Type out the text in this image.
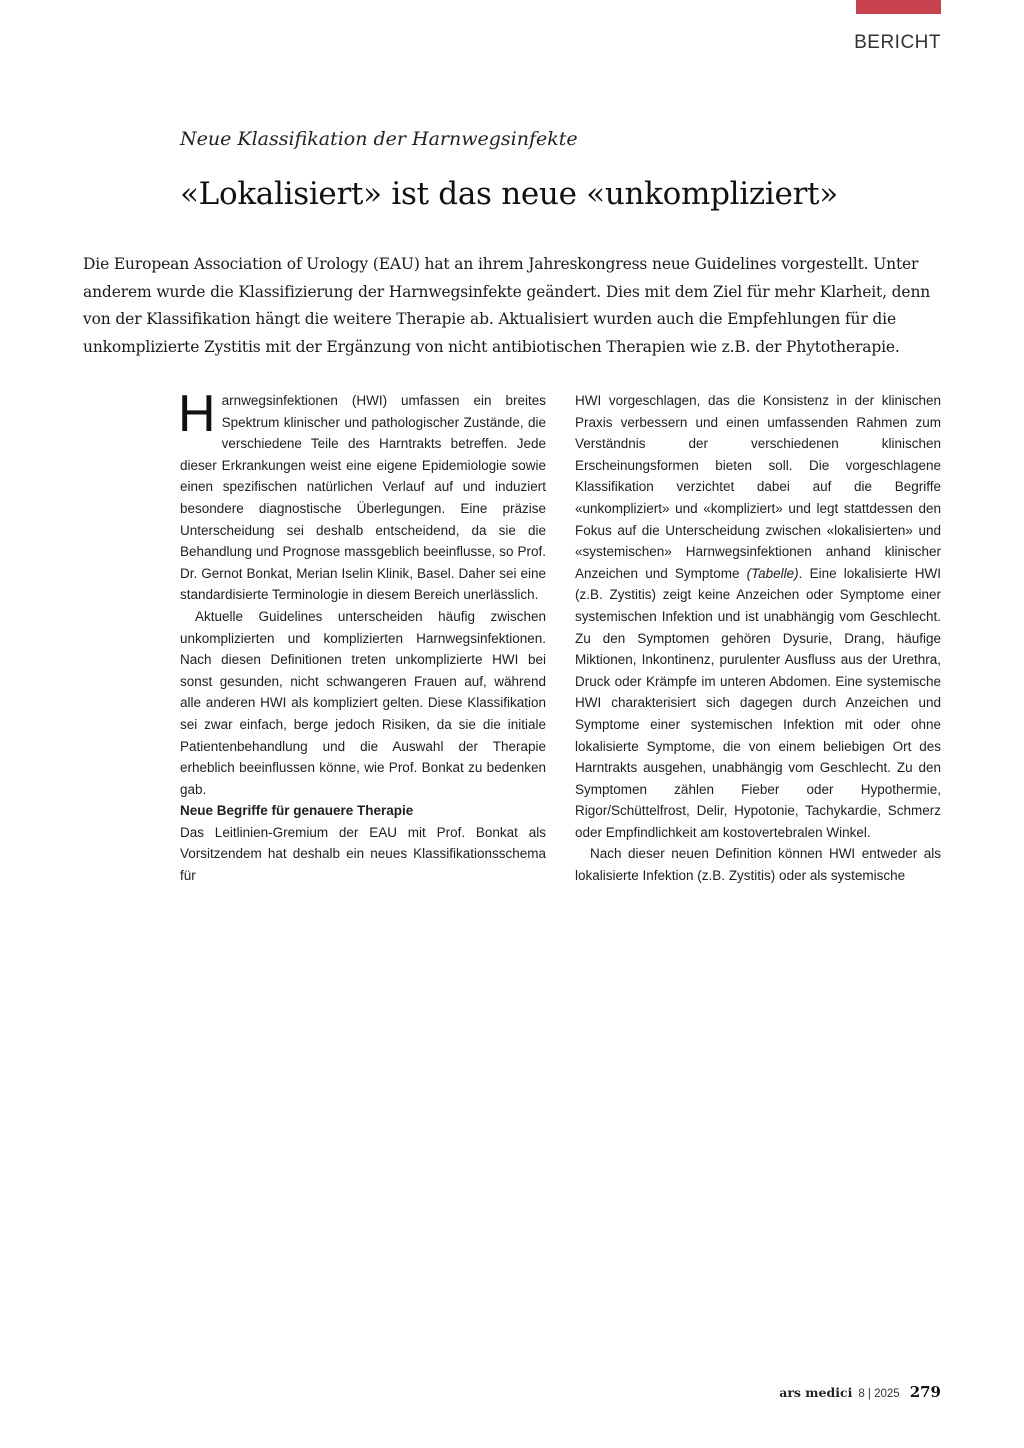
BERICHT
Neue Klassifikation der Harnwegsinfekte
«Lokalisiert» ist das neue «unkompliziert»

Die European Association of Urology (EAU) hat an ihrem Jahreskongress neue Guidelines vorgestellt. Unter anderem wurde die Klassifizierung der Harnwegsinfekte geändert. Dies mit dem Ziel für mehr Klarheit, denn von der Klassifikation hängt die weitere Therapie ab. Aktualisiert wurden auch die Empfehlungen für die unkomplizierte Zystitis mit der Ergänzung von nicht antibiotischen Therapien wie z.B. der Phytotherapie.

Harnwegsinfektionen (HWI) umfassen ein breites Spektrum klinischer und pathologischer Zustände, die verschiedene Teile des Harntrakts betreffen. Jede dieser Erkrankungen weist eine eigene Epidemiologie sowie einen spezifischen natürlichen Verlauf auf und induziert besondere diagnostische Überlegungen. Eine präzise Unterscheidung sei deshalb entscheidend, da sie die Behandlung und Prognose massgeblich beeinflusse, so Prof. Dr. Gernot Bonkat, Merian Iselin Klinik, Basel. Daher sei eine standardisierte Terminologie in diesem Bereich unerlässlich.

Aktuelle Guidelines unterscheiden häufig zwischen unkomplizierten und komplizierten Harnwegsinfektionen. Nach diesen Definitionen treten unkomplizierte HWI bei sonst gesunden, nicht schwangeren Frauen auf, während alle anderen HWI als kompliziert gelten. Diese Klassifikation sei zwar einfach, berge jedoch Risiken, da sie die initiale Patientenbehandlung und die Auswahl der Therapie erheblich beeinflussen könne, wie Prof. Bonkat zu bedenken gab.

Neue Begriffe für genauere Therapie

Das Leitlinien-Gremium der EAU mit Prof. Bonkat als Vorsitzendem hat deshalb ein neues Klassifikationsschema für

HWI vorgeschlagen, das die Konsistenz in der klinischen Praxis verbessern und einen umfassenden Rahmen zum Verständnis der verschiedenen klinischen Erscheinungsformen bieten soll. Die vorgeschlagene Klassifikation verzichtet dabei auf die Begriffe «unkompliziert» und «kompliziert» und legt stattdessen den Fokus auf die Unterscheidung zwischen «lokalisierten» und «systemischen» Harnwegsinfektionen anhand klinischer Anzeichen und Symptome (Tabelle). Eine lokalisierte HWI (z.B. Zystitis) zeigt keine Anzeichen oder Symptome einer systemischen Infektion und ist unabhängig vom Geschlecht. Zu den Symptomen gehören Dysurie, Drang, häufige Miktionen, Inkontinenz, purulenter Ausfluss aus der Urethra, Druck oder Krämpfe im unteren Abdomen. Eine systemische HWI charakterisiert sich dagegen durch Anzeichen und Symptome einer systemischen Infektion mit oder ohne lokalisierte Symptome, die von einem beliebigen Ort des Harntrakts ausgehen, unabhängig vom Geschlecht. Zu den Symptomen zählen Fieber oder Hypothermie, Rigor/Schüttelfrost, Delir, Hypotonie, Tachykardie, Schmerz oder Empfindlichkeit am kostovertebralen Winkel.

Nach dieser neuen Definition können HWI entweder als lokalisierte Infektion (z.B. Zystitis) oder als systemische

ars medici 8 | 2025 279
